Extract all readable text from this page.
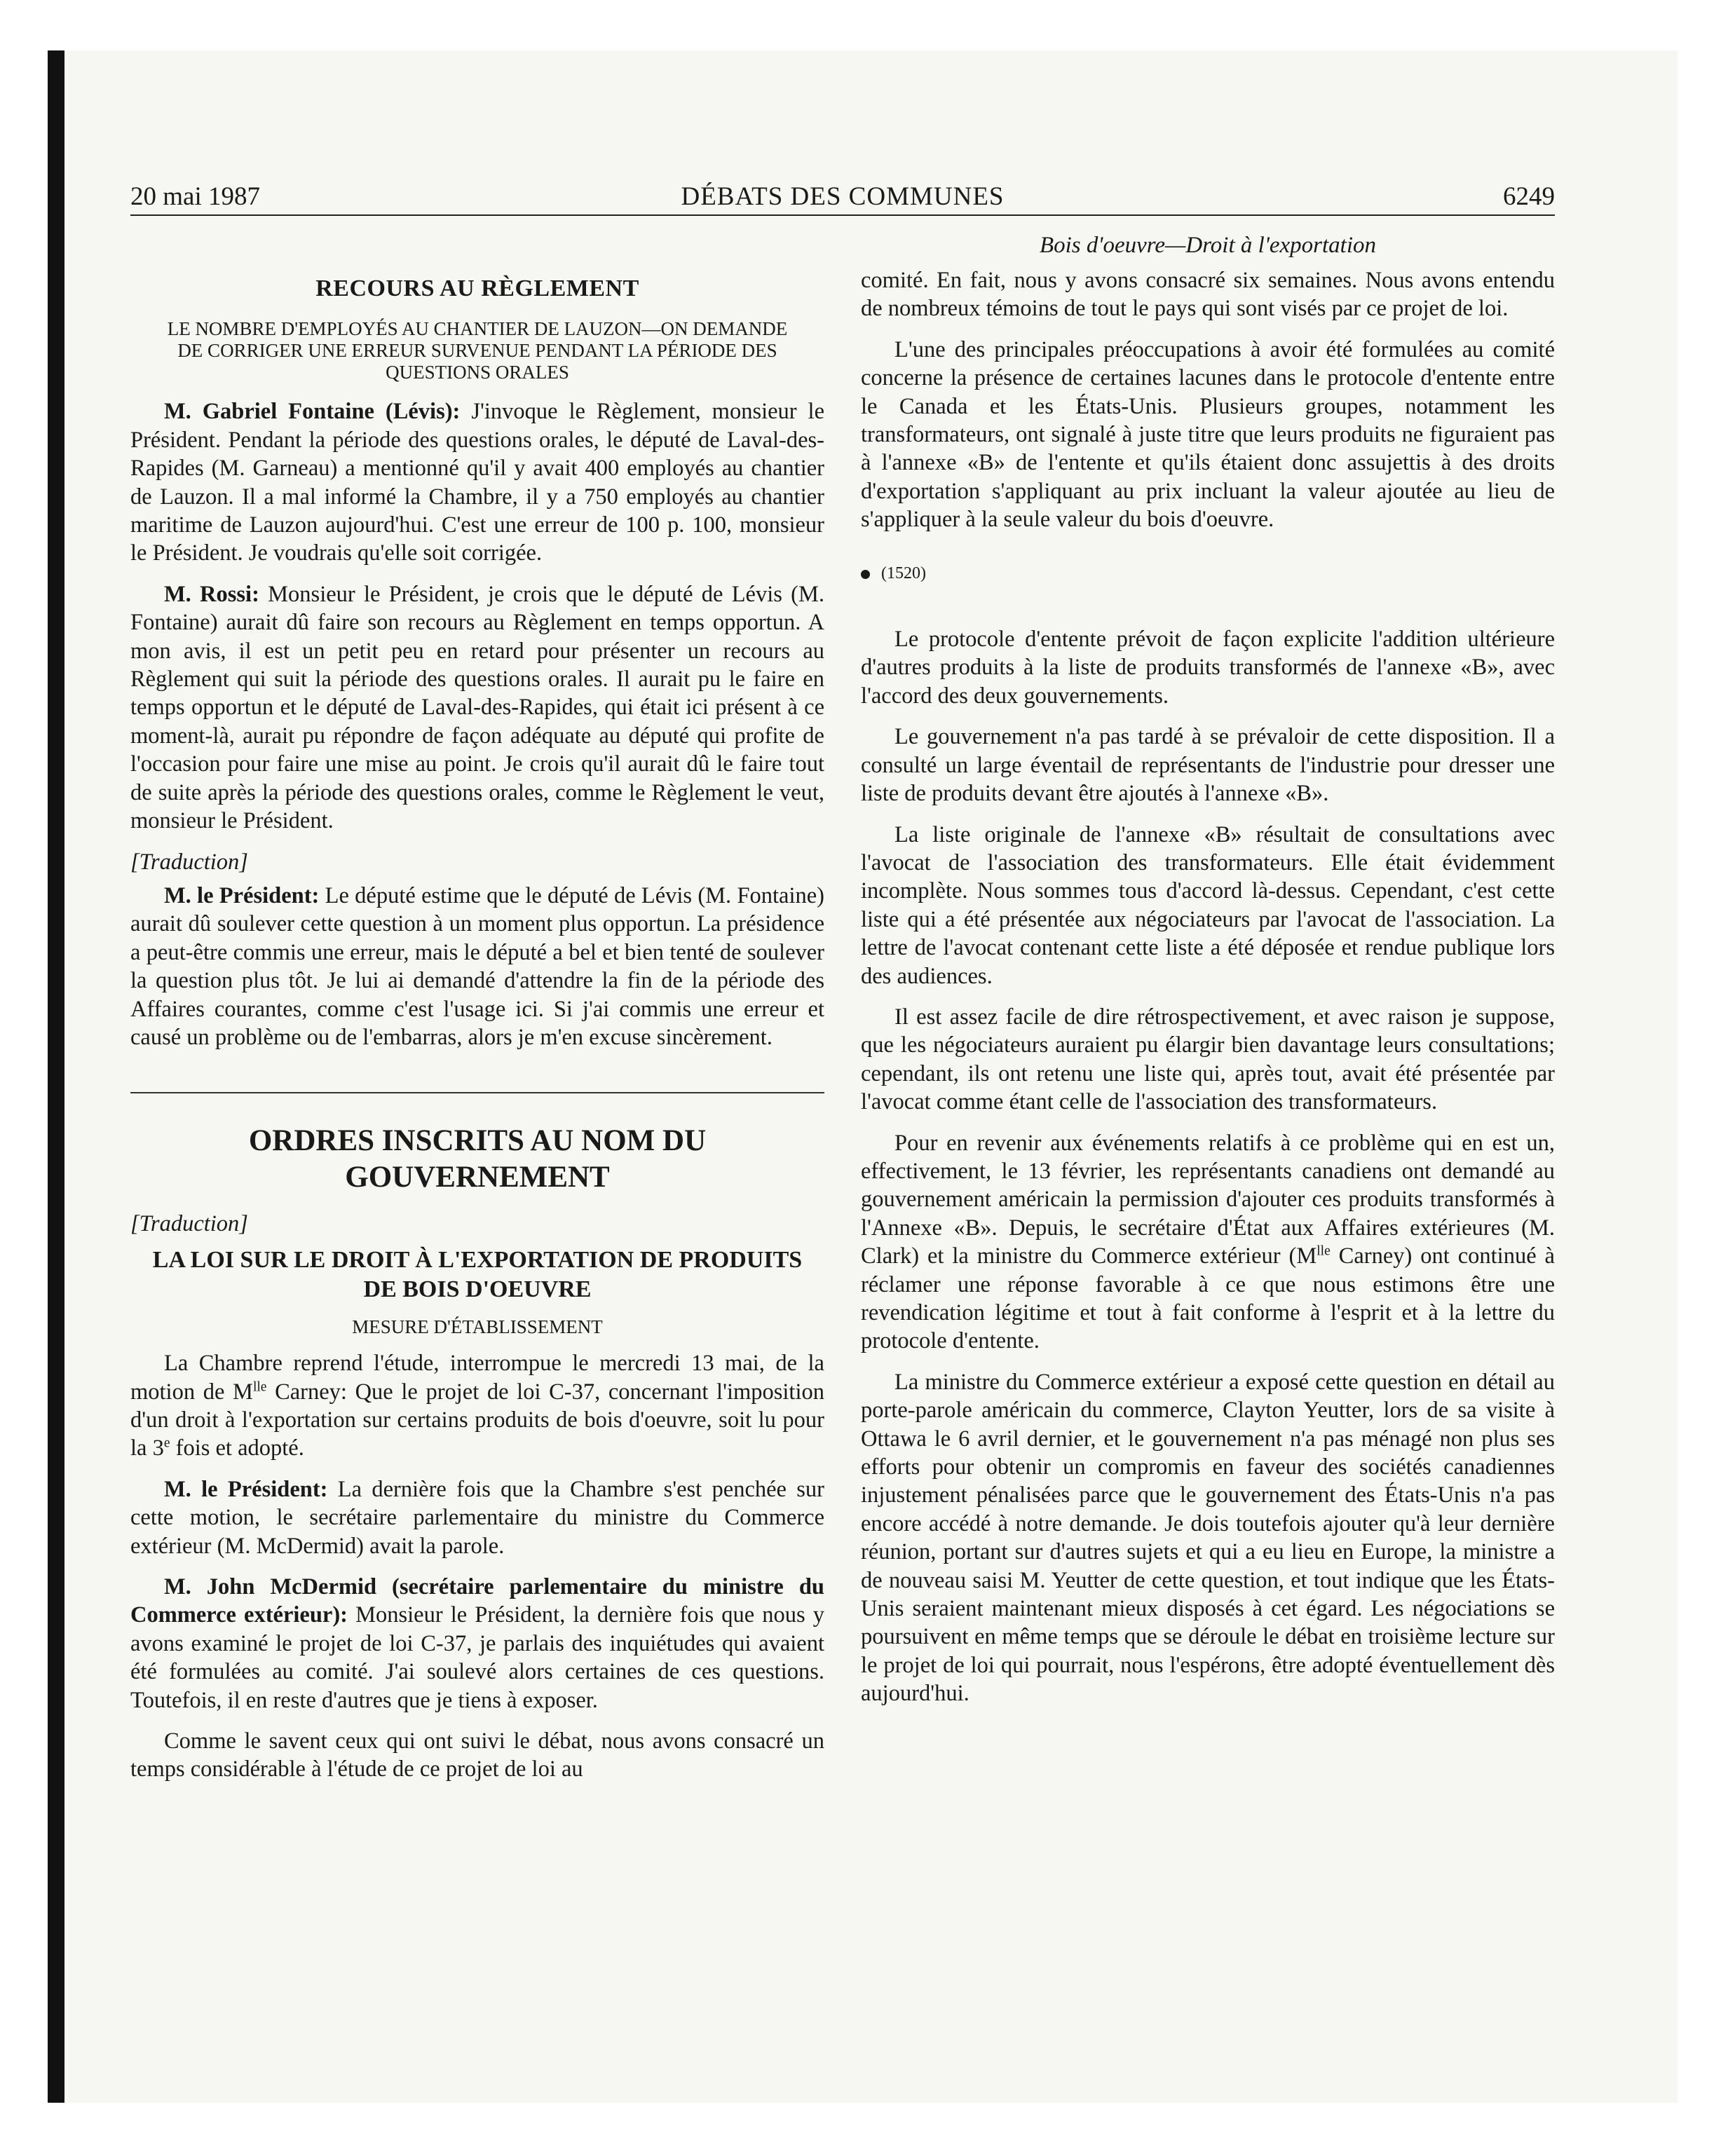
20 mai 1987	DÉBATS DES COMMUNES	6249
RECOURS AU RÈGLEMENT
LE NOMBRE D'EMPLOYÉS AU CHANTIER DE LAUZON—ON DEMANDE DE CORRIGER UNE ERREUR SURVENUE PENDANT LA PÉRIODE DES QUESTIONS ORALES

M. Gabriel Fontaine (Lévis): J'invoque le Règlement, monsieur le Président. Pendant la période des questions orales, le député de Laval-des-Rapides (M. Garneau) a mentionné qu'il y avait 400 employés au chantier de Lauzon. Il a mal informé la Chambre, il y a 750 employés au chantier maritime de Lauzon aujourd'hui. C'est une erreur de 100 p. 100, monsieur le Président. Je voudrais qu'elle soit corrigée.

M. Rossi: Monsieur le Président, je crois que le député de Lévis (M. Fontaine) aurait dû faire son recours au Règlement en temps opportun. A mon avis, il est un petit peu en retard pour présenter un recours au Règlement qui suit la période des questions orales. Il aurait pu le faire en temps opportun et le député de Laval-des-Rapides, qui était ici présent à ce moment-là, aurait pu répondre de façon adéquate au député qui profite de l'occasion pour faire une mise au point. Je crois qu'il aurait dû le faire tout de suite après la période des questions orales, comme le Règlement le veut, monsieur le Président.

[Traduction]

M. le Président: Le député estime que le député de Lévis (M. Fontaine) aurait dû soulever cette question à un moment plus opportun. La présidence a peut-être commis une erreur, mais le député a bel et bien tenté de soulever la question plus tôt. Je lui ai demandé d'attendre la fin de la période des Affaires courantes, comme c'est l'usage ici. Si j'ai commis une erreur et causé un problème ou de l'embarras, alors je m'en excuse sincèrement.

ORDRES INSCRITS AU NOM DU GOUVERNEMENT
[Traduction]
LA LOI SUR LE DROIT À L'EXPORTATION DE PRODUITS DE BOIS D'OEUVRE
MESURE D'ÉTABLISSEMENT

La Chambre reprend l'étude, interrompue le mercredi 13 mai, de la motion de $M^{lle}$ Carney: Que le projet de loi C-37, concernant l'imposition d'un droit à l'exportation sur certains produits de bois d'oeuvre, soit lu pour la 3e fois et adopté.

M. le Président: La dernière fois que la Chambre s'est penchée sur cette motion, le secrétaire parlementaire du ministre du Commerce extérieur (M. McDermid) avait la parole.

M. John McDermid (secrétaire parlementaire du ministre du Commerce extérieur): Monsieur le Président, la dernière fois que nous y avons examiné le projet de loi C-37, je parlais des inquiétudes qui avaient été formulées au comité. J'ai soulevé alors certaines de ces questions. Toutefois, il en reste d'autres que je tiens à exposer.

Comme le savent ceux qui ont suivi le débat, nous avons consacré un temps considérable à l'étude de ce projet de loi au

Bois d'oeuvre—Droit à l'exportation

comité. En fait, nous y avons consacré six semaines. Nous avons entendu de nombreux témoins de tout le pays qui sont visés par ce projet de loi.

L'une des principales préoccupations à avoir été formulées au comité concerne la présence de certaines lacunes dans le protocole d'entente entre le Canada et les États-Unis. Plusieurs groupes, notamment les transformateurs, ont signalé à juste titre que leurs produits ne figuraient pas à l'annexe «B» de l'entente et qu'ils étaient donc assujettis à des droits d'exportation s'appliquant au prix incluant la valeur ajoutée au lieu de s'appliquer à la seule valeur du bois d'oeuvre.

(1520)

Le protocole d'entente prévoit de façon explicite l'addition ultérieure d'autres produits à la liste de produits transformés de l'annexe «B», avec l'accord des deux gouvernements.

Le gouvernement n'a pas tardé à se prévaloir de cette disposition. Il a consulté un large éventail de représentants de l'industrie pour dresser une liste de produits devant être ajoutés à l'annexe «B».

La liste originale de l'annexe «B» résultait de consultations avec l'avocat de l'association des transformateurs. Elle était évidemment incomplète. Nous sommes tous d'accord là-dessus. Cependant, c'est cette liste qui a été présentée aux négociateurs par l'avocat de l'association. La lettre de l'avocat contenant cette liste a été déposée et rendue publique lors des audiences.

Il est assez facile de dire rétrospectivement, et avec raison je suppose, que les négociateurs auraient pu élargir bien davantage leurs consultations; cependant, ils ont retenu une liste qui, après tout, avait été présentée par l'avocat comme étant celle de l'association des transformateurs.

Pour en revenir aux événements relatifs à ce problème qui en est un, effectivement, le 13 février, les représentants canadiens ont demandé au gouvernement américain la permission d'ajouter ces produits transformés à l'Annexe «B». Depuis, le secrétaire d'État aux Affaires extérieures (M. Clark) et la ministre du Commerce extérieur ($M^{lle}$ Carney) ont continué à réclamer une réponse favorable à ce que nous estimons être une revendication légitime et tout à fait conforme à l'esprit et à la lettre du protocole d'entente.

La ministre du Commerce extérieur a exposé cette question en détail au porte-parole américain du commerce, Clayton Yeutter, lors de sa visite à Ottawa le 6 avril dernier, et le gouvernement n'a pas ménagé non plus ses efforts pour obtenir un compromis en faveur des sociétés canadiennes injustement pénalisées parce que le gouvernement des États-Unis n'a pas encore accédé à notre demande. Je dois toutefois ajouter qu'à leur dernière réunion, portant sur d'autres sujets et qui a eu lieu en Europe, la ministre a de nouveau saisi M. Yeutter de cette question, et tout indique que les États-Unis seraient maintenant mieux disposés à cet égard. Les négociations se poursuivent en même temps que se déroule le débat en troisième lecture sur le projet de loi qui pourrait, nous l'espérons, être adopté éventuellement dès aujourd'hui.
